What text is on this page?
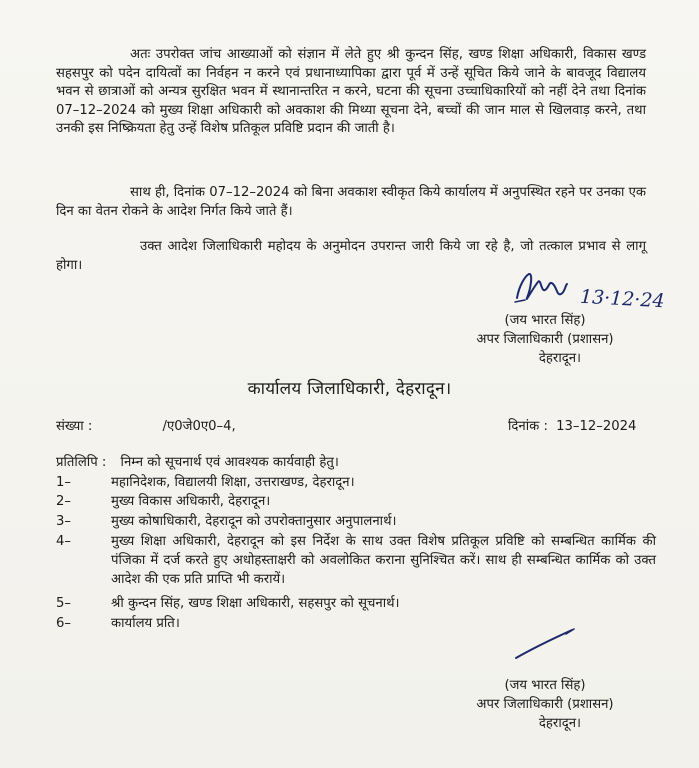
अतः उपरोक्त जांच आख्याओं को संज्ञान में लेते हुए श्री कुन्दन सिंह, खण्ड शिक्षा अधिकारी, विकास खण्ड सहसपुर को पदेन दायित्वों का निर्वहन न करने एवं प्रधानाध्यापिका द्वारा पूर्व में उन्हें सूचित किये जाने के बावजूद विद्यालय भवन से छात्राओं को अन्यत्र सुरक्षित भवन में स्थानान्तरित न करने, घटना की सूचना उच्चाधिकारियों को नहीं देने तथा दिनांक 07–12–2024 को मुख्य शिक्षा अधिकारी को अवकाश की मिथ्या सूचना देने, बच्चों की जान माल से खिलवाड़ करने, तथा उनकी इस निष्क्रियता हेतु उन्हें विशेष प्रतिकूल प्रविष्टि प्रदान की जाती है।

साथ ही, दिनांक 07–12–2024 को बिना अवकाश स्वीकृत किये कार्यालय में अनुपस्थित रहने पर उनका एक दिन का वेतन रोकने के आदेश निर्गत किये जाते हैं।

उक्त आदेश जिलाधिकारी महोदय के अनुमोदन उपरान्त जारी किये जा रहे है, जो तत्काल प्रभाव से लागू होगा।

13·12·24
(जय भारत सिंह)
अपर जिलाधिकारी (प्रशासन)
देहरादून।
कार्यालय जिलाधिकारी, देहरादून।
संख्या :	/ए0जे0ए0–4,	दिनांक : 13–12–2024
प्रतिलिपि : निम्न को सूचनार्थ एवं आवश्यक कार्यवाही हेतु।
1–	महानिदेशक, विद्यालयी शिक्षा, उत्तराखण्ड, देहरादून।
2–	मुख्य विकास अधिकारी, देहरादून।
3–	मुख्य कोषाधिकारी, देहरादून को उपरोक्तानुसार अनुपालनार्थ।
4–	मुख्य शिक्षा अधिकारी, देहरादून को इस निर्देश के साथ उक्त विशेष प्रतिकूल प्रविष्टि को सम्बन्धित कार्मिक की पंजिका में दर्ज करते हुए अधोहस्ताक्षरी को अवलोकित कराना सुनिश्चित करें। साथ ही सम्बन्धित कार्मिक को उक्त आदेश की एक प्रति प्राप्ति भी करायें।
5–	श्री कुन्दन सिंह, खण्ड शिक्षा अधिकारी, सहसपुर को सूचनार्थ।
6–	कार्यालय प्रति।
(जय भारत सिंह)
अपर जिलाधिकारी (प्रशासन)
देहरादून।
